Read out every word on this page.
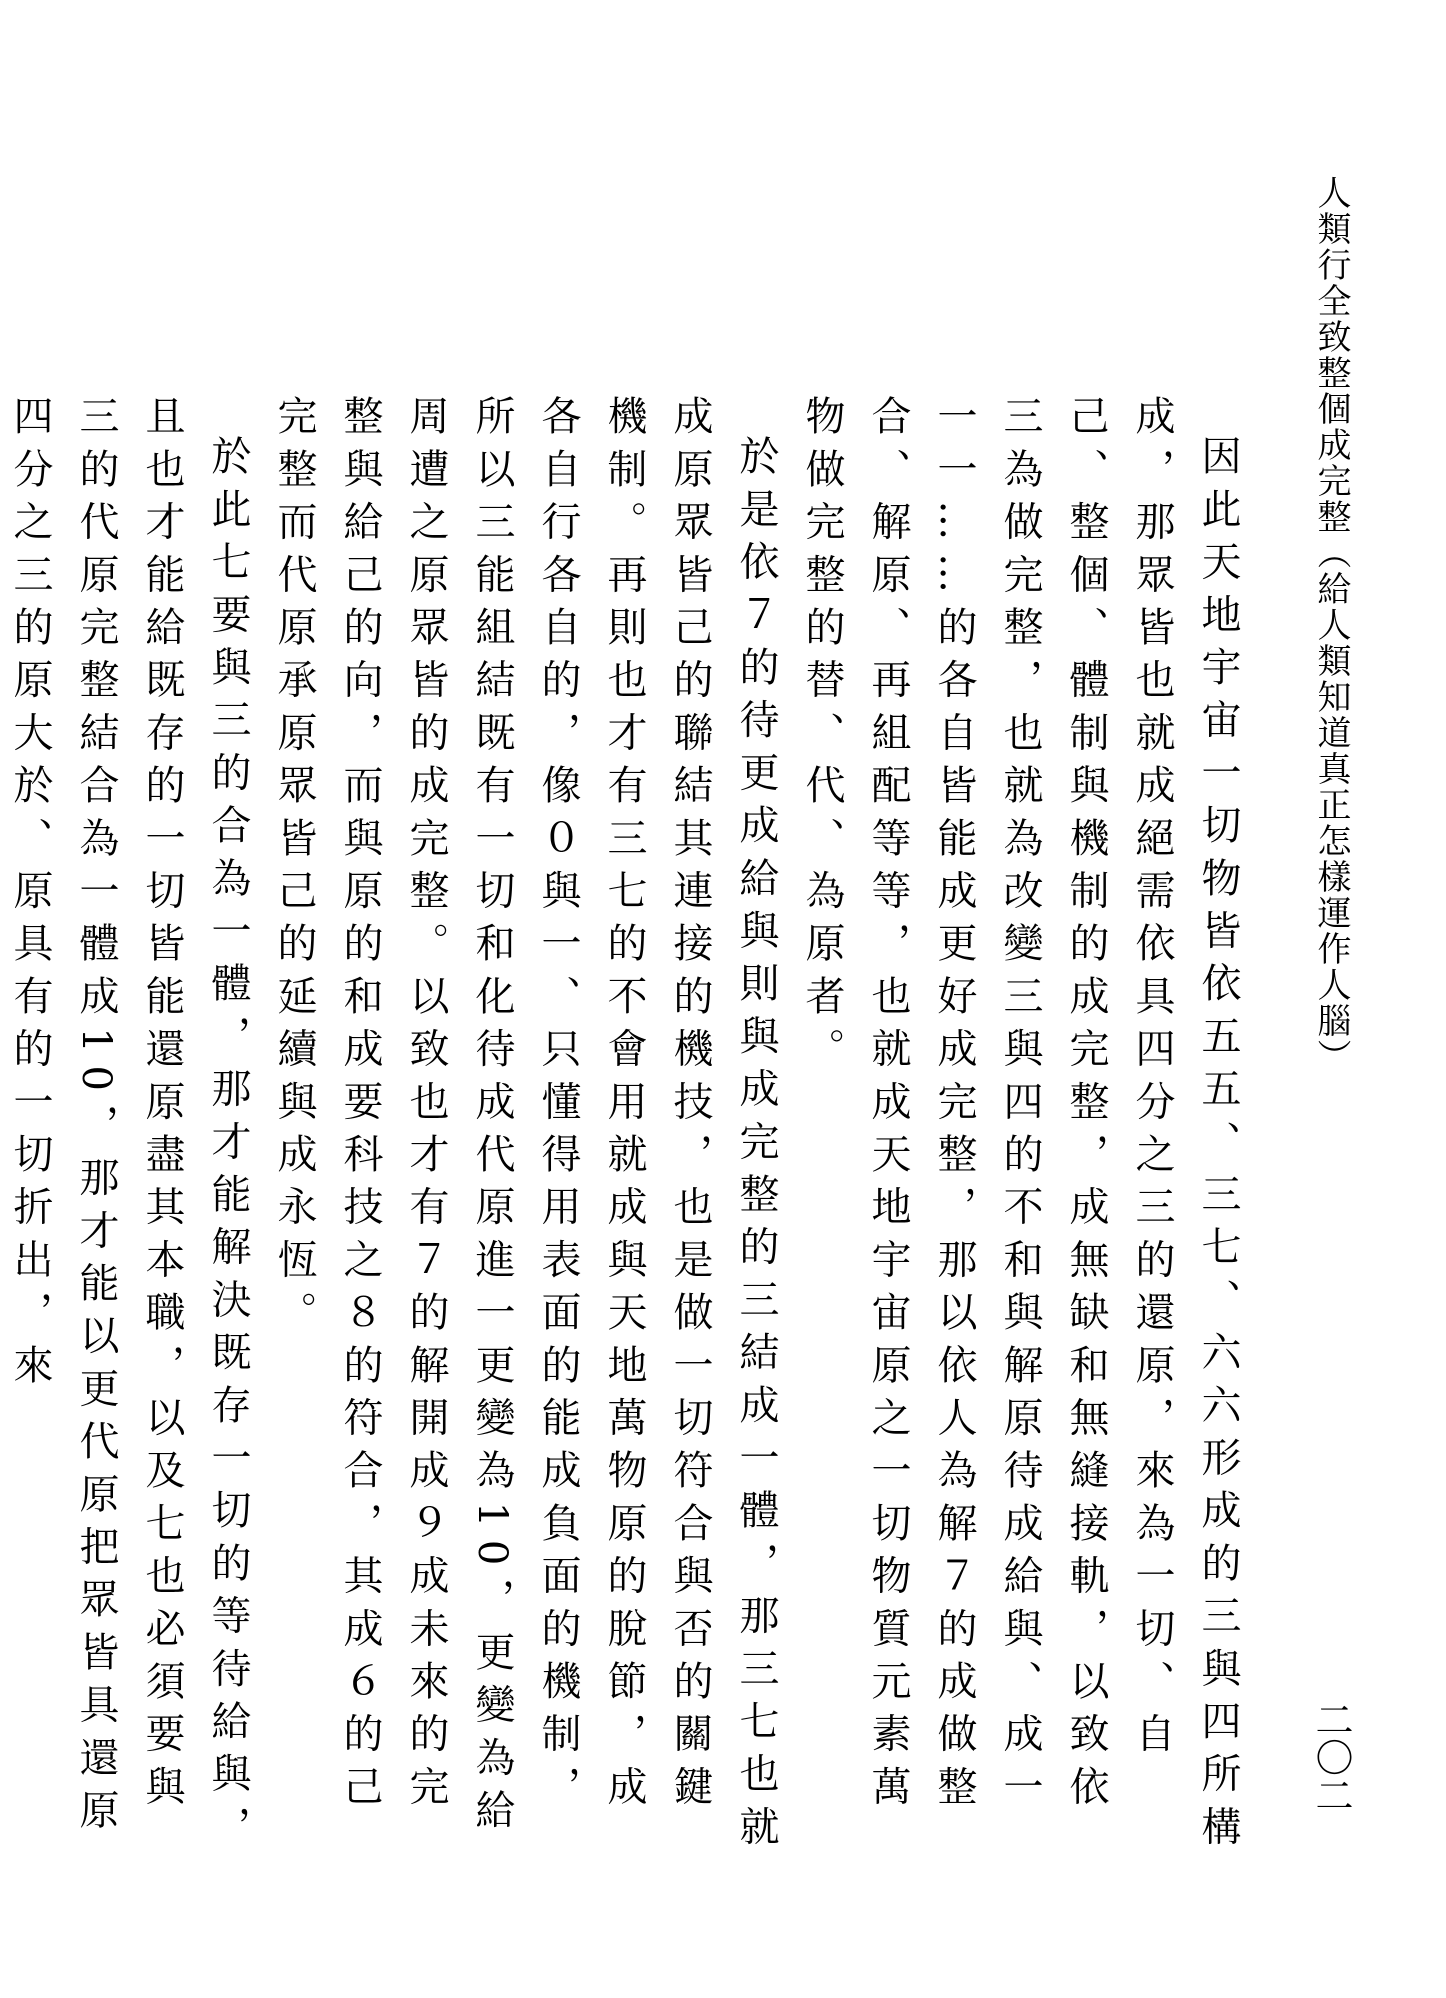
人類行全致整個成完整（給人類知道真正怎樣運作人腦）
二〇二

因此天地宇宙一切物皆依五五、三七、六六形成的三與四所構成，那眾皆也就成絕需依具四分之三的還原，來為一切、自己、整個、體制與機制的成完整，成無缺和無縫接軌，以致依三為做完整，也就為改變三與四的不和與解原待成給與、成一一一……的各自皆能成更好成完整，那以依人為解７的成做整合、解原、再組配等等，也就成天地宇宙原之一切物質元素萬物做完整的替、代、為原者。

於是依７的待更成給與則與成完整的三結成一體，那三七也就成原眾皆己的聯結其連接的機技，也是做一切符合與否的關鍵機制。再則也才有三七的不會用就成與天地萬物原的脫節，成各自行各自的，像０與一、只懂得用表面的能成負面的機制，所以三能組結既有一切和化待成代原進一更變為10，更變為給周遭之原眾皆的成完整。以致也才有７的解開成９成未來的完整與給己的向，而與原的和成要科技之８的符合，其成６的己完整而代原承原眾皆己的延續與成永恆。

於此七要與三的合為一體，那才能解決既存一切的等待給與，且也才能給既存的一切皆能還原盡其本職，以及七也必須要與三的代原完整結合為一體成10，那才能以更代原把眾皆具還原四分之三的原大於、原具有的一切折出，來
